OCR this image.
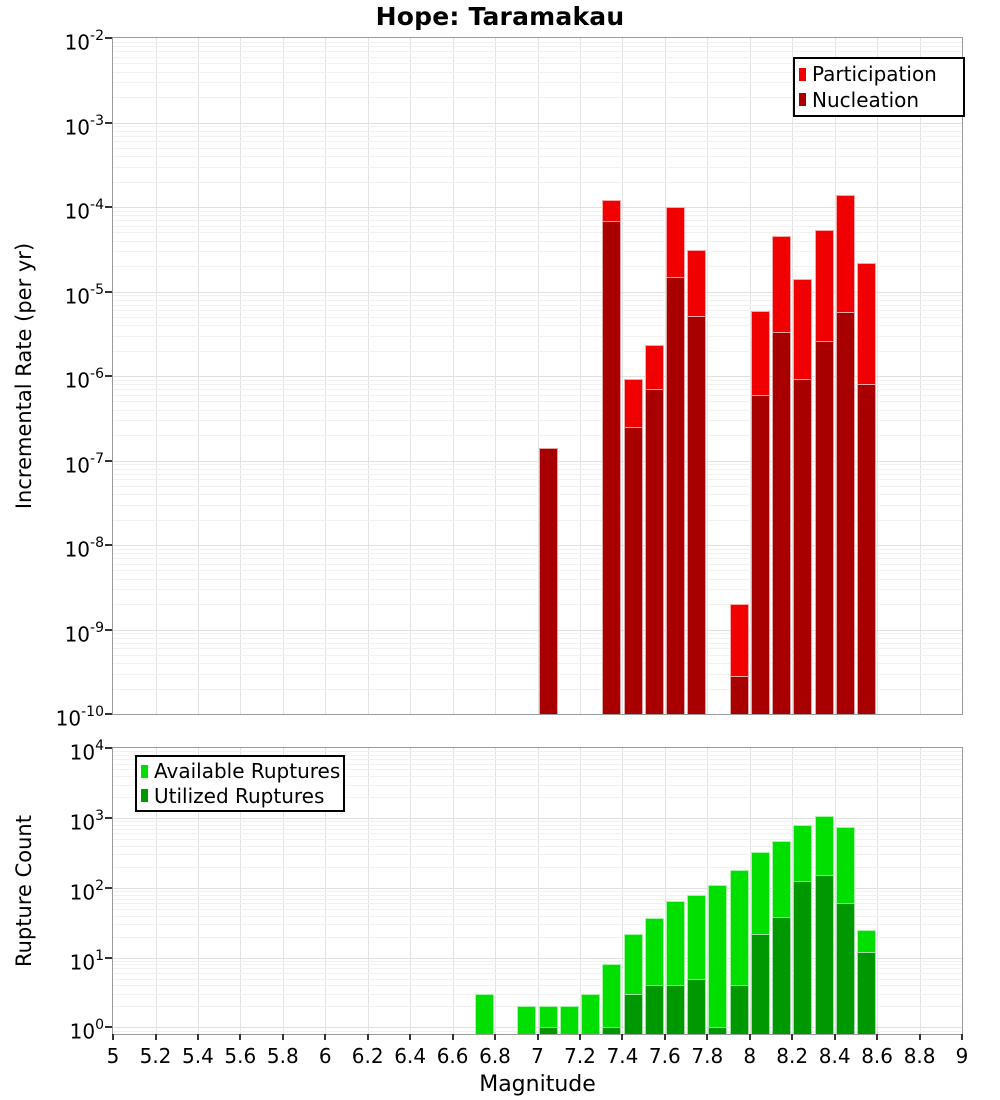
Hope: Taramakau
Incremental Rate (per yr)
Rupture Count
Magnitude
Participation
Nucleation
Available Ruptures
Utilized Ruptures
$10^{-2}$
$10^{-3}$
$10^{-4}$
$10^{-5}$
$10^{-6}$
$10^{-7}$
$10^{-8}$
$10^{-9}$
$10^{-10}$
$10^4$
$10^3$
$10^2$
$10^1$
$10^0$
5	5.2 5.4 5.6 5.8	6	6.2 6.4 6.6 6.8	7	7.2 7.4 7.6 7.8	8	8.2 8.4 8.6 8.8	9
